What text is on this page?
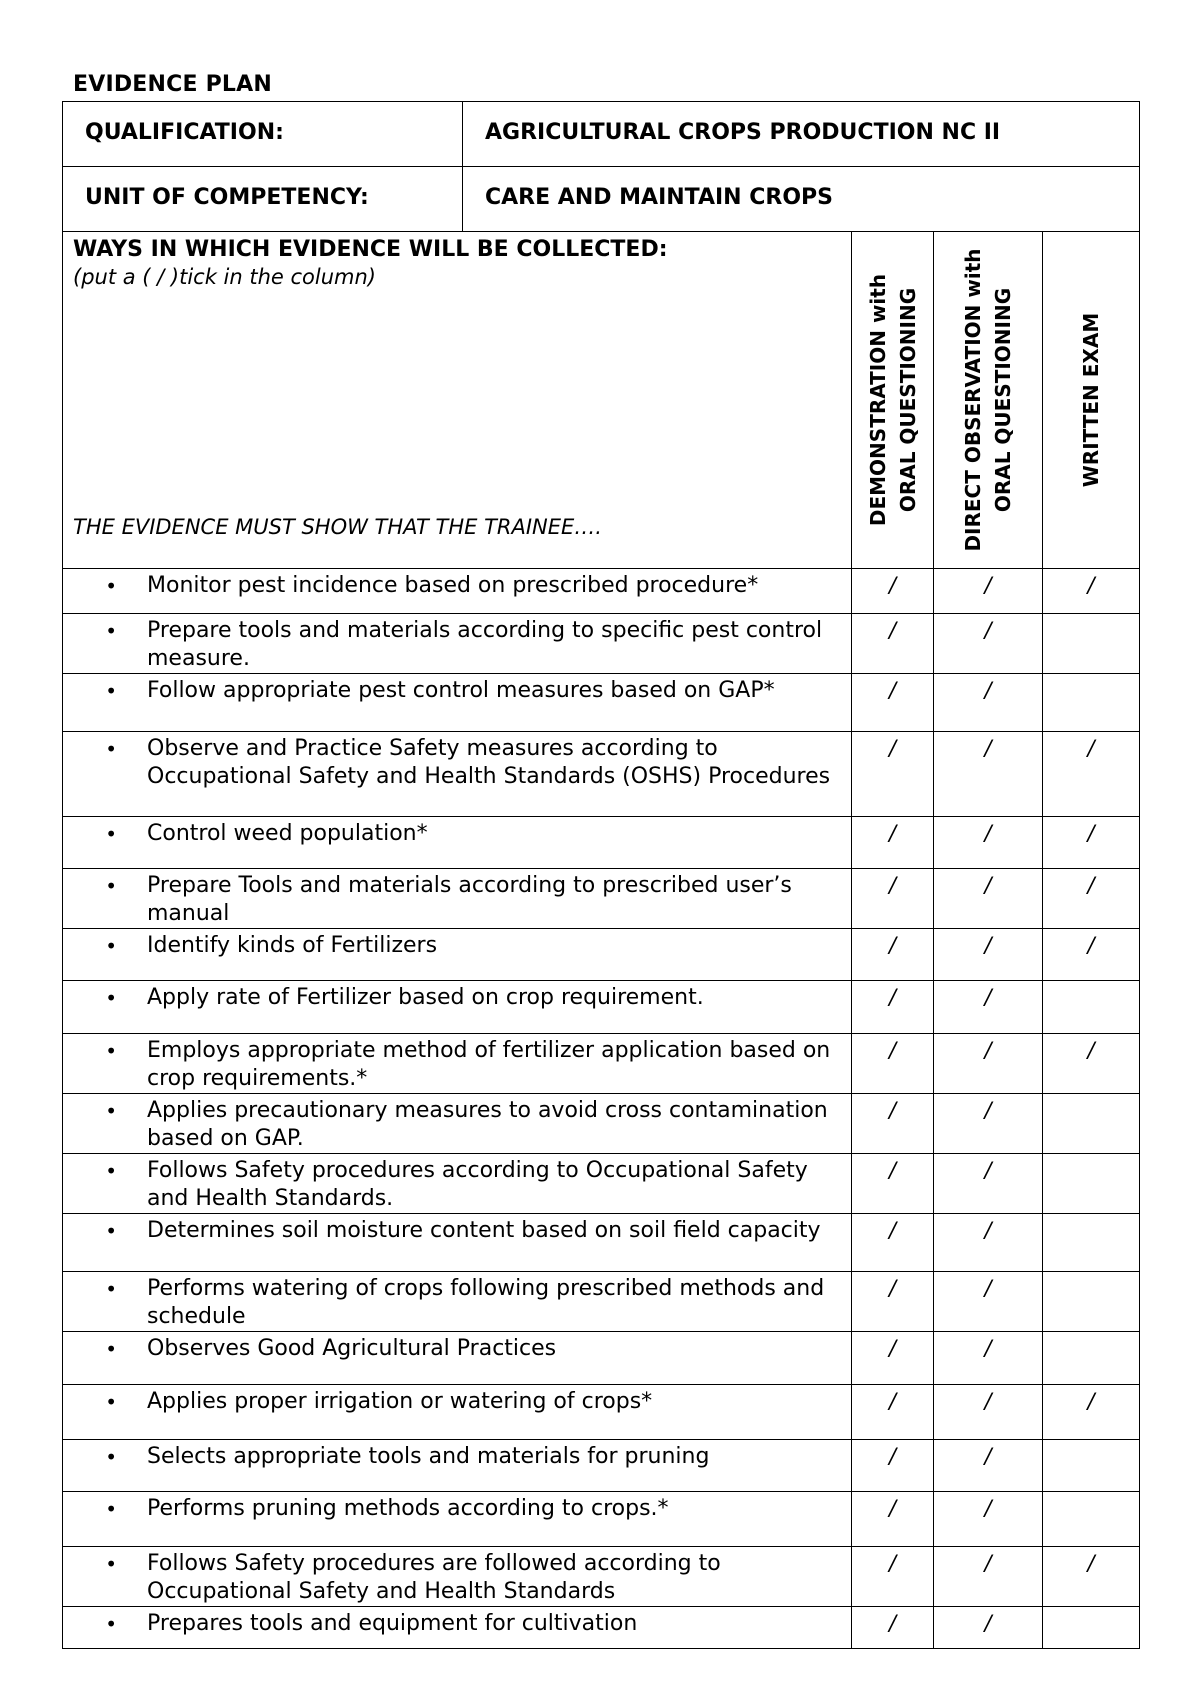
EVIDENCE PLAN
QUALIFICATION:	AGRICULTURAL CROPS PRODUCTION NC II			
UNIT OF COMPETENCY:	CARE AND MAINTAIN CROPS			

WAYS IN WHICH EVIDENCE WILL BE COLLECTED:
(put a ( / )tick in the column)
THE EVIDENCE MUST SHOW THAT THE TRAINEE….		DEMONSTRATION with ORAL QUESTIONING	DIRECT OBSERVATION with ORAL QUESTIONING	WRITTEN EXAM

• Monitor pest incidence based on prescribed procedure*		/	/	/

• Prepare tools and materials according to specific pest control measure.		/	/	

• Follow appropriate pest control measures based on GAP*		/	/	

• Observe and Practice Safety measures according to Occupational Safety and Health Standards (OSHS) Procedures		/	/	/

• Control weed population*		/	/	/

• Prepare Tools and materials according to prescribed user’s manual		/	/	/

• Identify kinds of Fertilizers		/	/	/

• Apply rate of Fertilizer based on crop requirement.		/	/	

• Employs appropriate method of fertilizer application based on crop requirements.*		/	/	/

• Applies precautionary measures to avoid cross contamination based on GAP.		/	/	

• Follows Safety procedures according to Occupational Safety and Health Standards.		/	/	

• Determines soil moisture content based on soil field capacity		/	/	

• Performs watering of crops following prescribed methods and schedule		/	/	

• Observes Good Agricultural Practices		/	/	

• Applies proper irrigation or watering of crops*		/	/	/

• Selects appropriate tools and materials for pruning		/	/	

• Performs pruning methods according to crops.*		/	/	

• Follows Safety procedures are followed according to Occupational Safety and Health Standards		/	/	/

• Prepares tools and equipment for cultivation		/	/	
